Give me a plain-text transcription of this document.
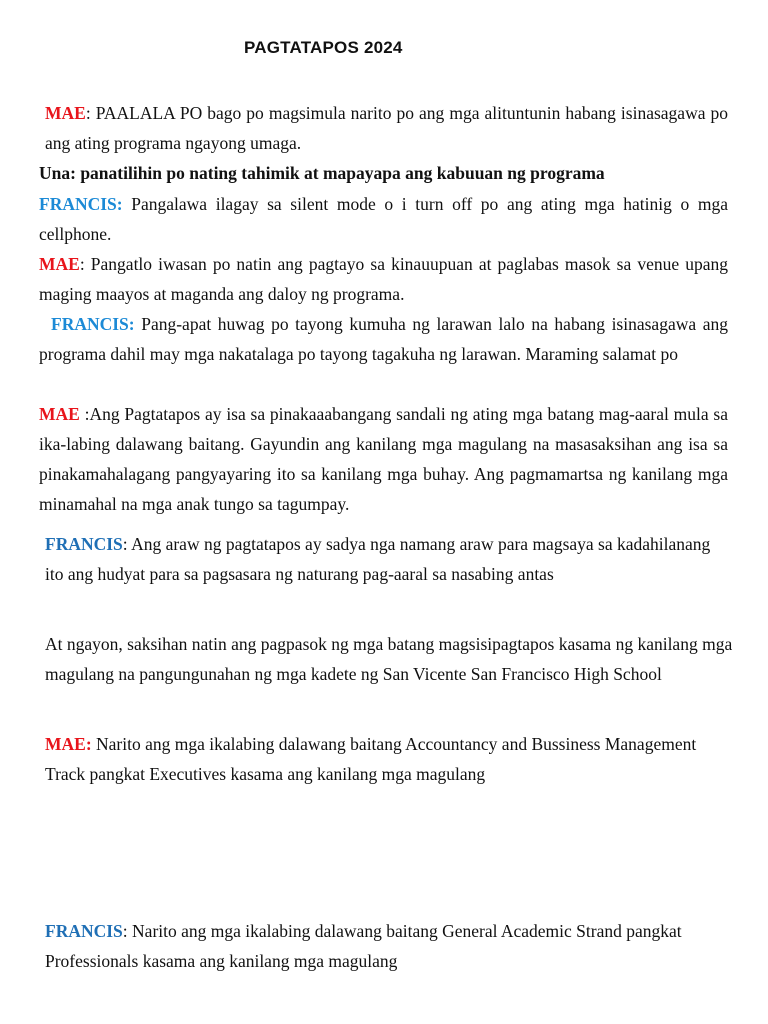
PAGTATAPOS 2024

MAE: PAALALA PO bago po magsimula narito po ang mga alituntunin habang isinasagawa po ang ating programa ngayong umaga.

Una: panatilihin po nating tahimik at mapayapa ang kabuuan ng programa

FRANCIS: Pangalawa ilagay sa silent mode o i turn off po ang ating mga hatinig o mga cellphone.

MAE: Pangatlo iwasan po natin ang pagtayo sa kinauupuan at paglabas masok sa venue upang maging maayos at maganda ang daloy ng programa.

FRANCIS: Pang-apat huwag po tayong kumuha ng larawan lalo na habang isinasagawa ang programa dahil may mga nakatalaga po tayong tagakuha ng larawan. Maraming salamat po

MAE :Ang Pagtatapos ay isa sa pinakaaabangang sandali ng ating mga batang mag-aaral mula sa ika-labing dalawang baitang. Gayundin ang kanilang mga magulang na masasaksihan ang isa sa pinakamahalagang pangyayaring ito sa kanilang mga buhay. Ang pagmamartsa ng kanilang mga minamahal na mga anak tungo sa tagumpay.

FRANCIS: Ang araw ng pagtatapos ay sadya nga namang araw para magsaya sa kadahilanang ito ang hudyat para sa pagsasara ng naturang pag-aaral sa nasabing antas

At ngayon, saksihan natin ang pagpasok ng mga batang magsisipagtapos kasama ng kanilang mga magulang na pangungunahan ng mga kadete ng San Vicente San Francisco High School

MAE: Narito ang mga ikalabing dalawang baitang Accountancy and Bussiness Management Track pangkat Executives kasama ang kanilang mga magulang

FRANCIS: Narito ang mga ikalabing dalawang baitang General Academic Strand pangkat Professionals kasama ang kanilang mga magulang
